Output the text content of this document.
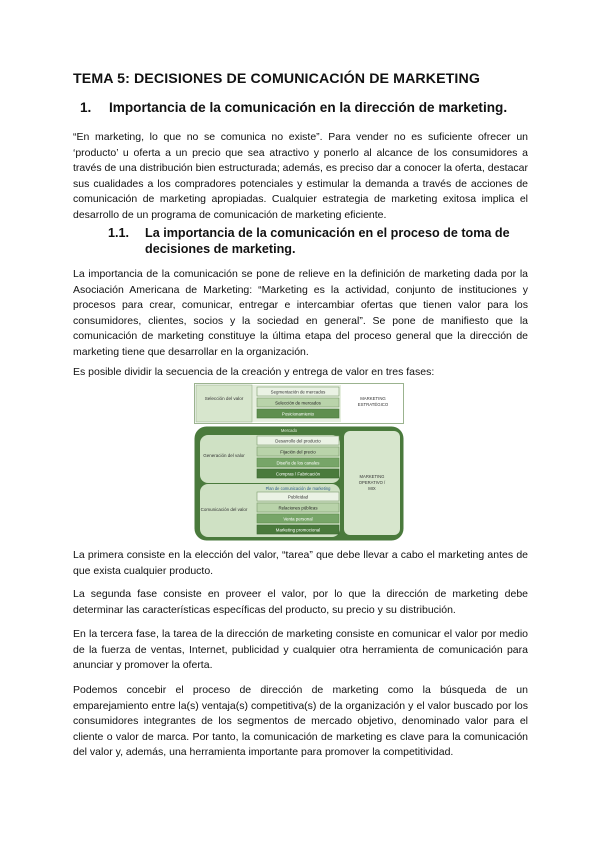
TEMA 5: DECISIONES DE COMUNICACIÓN DE MARKETING
1. Importancia de la comunicación en la dirección de marketing.

“En marketing, lo que no se comunica no existe”. Para vender no es suficiente ofrecer un ‘producto’ u oferta a un precio que sea atractivo y ponerlo al alcance de los consumidores a través de una distribución bien estructurada; además, es preciso dar a conocer la oferta, destacar sus cualidades a los compradores potenciales y estimular la demanda a través de acciones de comunicación de marketing apropiadas. Cualquier estrategia de marketing exitosa implica el desarrollo de un programa de comunicación de marketing eficiente.

1.1. La importancia de la comunicación en el proceso de toma de decisiones de marketing.

La importancia de la comunicación se pone de relieve en la definición de marketing dada por la Asociación Americana de Marketing: “Marketing es la actividad, conjunto de instituciones y procesos para crear, comunicar, entregar e intercambiar ofertas que tienen valor para los consumidores, clientes, socios y la sociedad en general”. Se pone de manifiesto que la comunicación de marketing constituye la última etapa del proceso general que la dirección de marketing tiene que desarrollar en la organización.

Es posible dividir la secuencia de la creación y entrega de valor en tres fases:

Selección del valor
Segmentación de mercados
Selección de mercados
Posicionamiento
MARKETING
ESTRATÉGICO
MARKETING
OPERATIVO /
MIX
Mercado
Generación del valor
Desarrollo del producto
Fijación del precio
Diseño de los canales
Compras / Fabricación
Plan de comunicación de marketing
Comunicación del valor
Publicidad
Relaciones públicas
Venta personal
Marketing promocional

La primera consiste en la elección del valor, “tarea” que debe llevar a cabo el marketing antes de que exista cualquier producto.

La segunda fase consiste en proveer el valor, por lo que la dirección de marketing debe determinar las características específicas del producto, su precio y su distribución.

En la tercera fase, la tarea de la dirección de marketing consiste en comunicar el valor por medio de la fuerza de ventas, Internet, publicidad y cualquier otra herramienta de comunicación para anunciar y promover la oferta.

Podemos concebir el proceso de dirección de marketing como la búsqueda de un emparejamiento entre la(s) ventaja(s) competitiva(s) de la organización y el valor buscado por los consumidores integrantes de los segmentos de mercado objetivo, denominado valor para el cliente o valor de marca. Por tanto, la comunicación de marketing es clave para la comunicación del valor y, además, una herramienta importante para promover la competitividad.
